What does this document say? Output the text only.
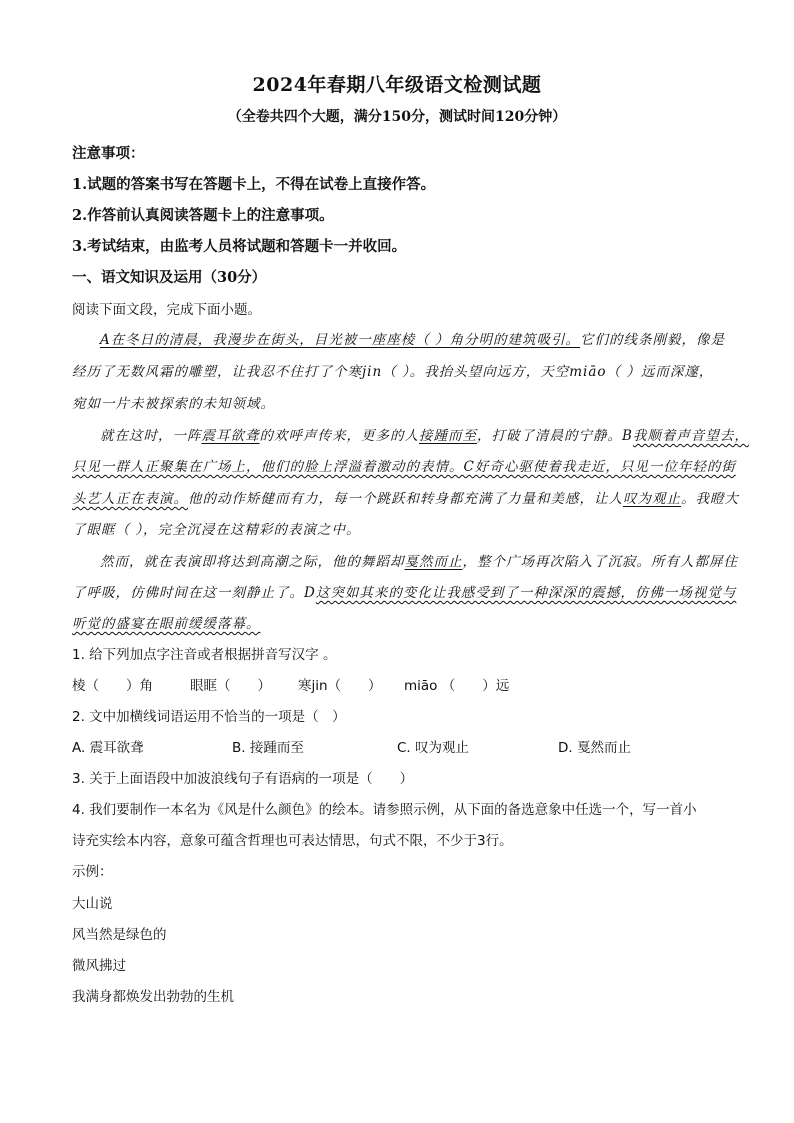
2024年春期八年级语文检测试题
（全卷共四个大题，满分150分，测试时间120分钟）
注意事项：
1.试题的答案书写在答题卡上，不得在试卷上直接作答。
2.作答前认真阅读答题卡上的注意事项。
3.考试结束，由监考人员将试题和答题卡一并收回。
一、语文知识及运用（30分）
阅读下面文段，完成下面小题。
A在冬日的清晨，我漫步在街头，目光被一座座棱（ ）角分明的建筑吸引。它们的线条刚毅，像是
经历了无数风霜的雕塑，让我忍不住打了个寒jin（ ）。我抬头望向远方，天空miāo（ ）远而深邃，
宛如一片未被探索的未知领域。
就在这时，一阵震耳欲聋的欢呼声传来，更多的人接踵而至，打破了清晨的宁静。B我顺着声音望去，
只见一群人正聚集在广场上，他们的脸上浮溢着激动的表情。C好奇心驱使着我走近，只见一位年轻的街
头艺人正在表演。他的动作矫健而有力，每一个跳跃和转身都充满了力量和美感，让人叹为观止。我瞪大
了眼眶（ ），完全沉浸在这精彩的表演之中。
然而，就在表演即将达到高潮之际，他的舞蹈却戛然而止，整个广场再次陷入了沉寂。所有人都屏住
了呼吸，仿佛时间在这一刻静止了。D这突如其来的变化让我感受到了一种深深的震撼，仿佛一场视觉与
听觉的盛宴在眼前缓缓落幕。
1. 给下列加点字注音或者根据拼音写汉字 。
棱（　　）角	眼眶（　　） 寒jin（　　） miāo （　　）远
2. 文中加横线词语运用不恰当的一项是（　）
A. 震耳欲聋	B. 接踵而至	C. 叹为观止	D. 戛然而止
3. 关于上面语段中加波浪线句子有语病的一项是（　　）
4. 我们要制作一本名为《风是什么颜色》的绘本。请参照示例，从下面的备选意象中任选一个，写一首小
诗充实绘本内容，意象可蕴含哲理也可表达情思，句式不限，不少于3行。
示例：
大山说
风当然是绿色的
微风拂过
我满身都焕发出勃勃的生机
